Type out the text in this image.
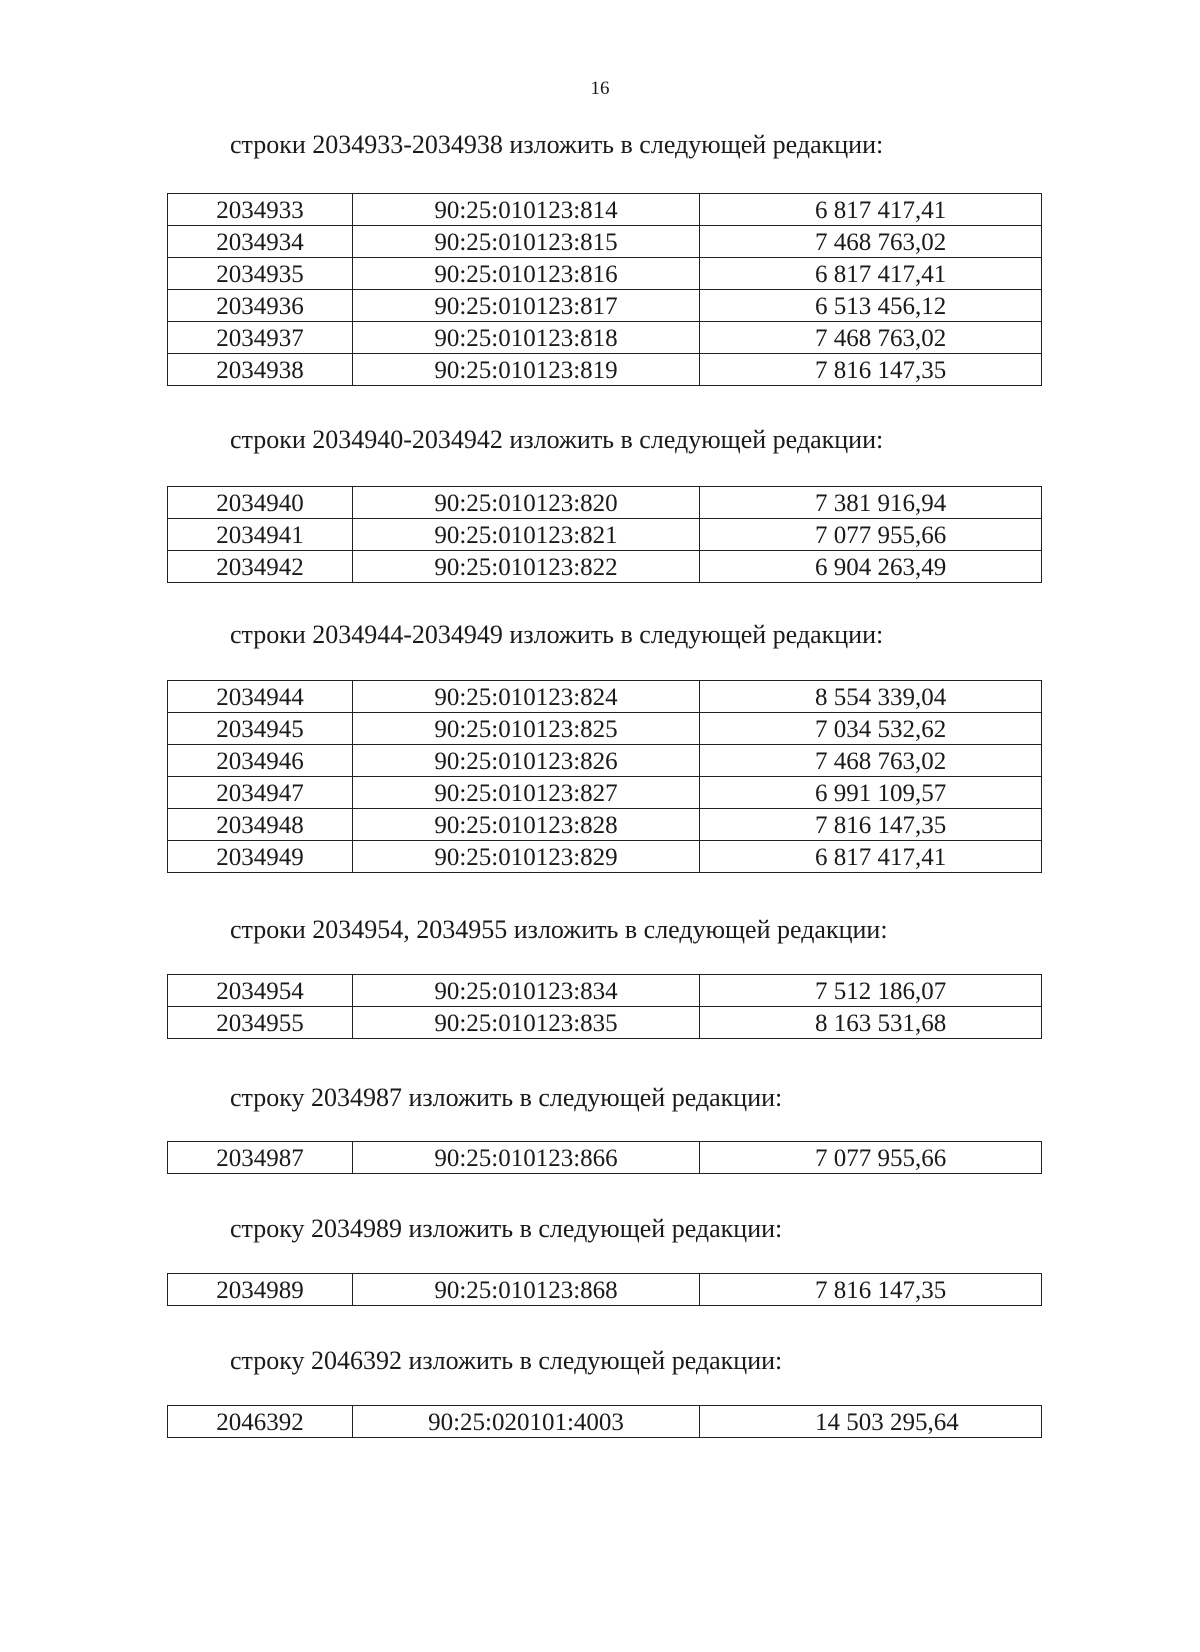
16
строки 2034933-2034938 изложить в следующей редакции:
2034933	90:25:010123:814	6 817 417,41
2034934	90:25:010123:815	7 468 763,02
2034935	90:25:010123:816	6 817 417,41
2034936	90:25:010123:817	6 513 456,12
2034937	90:25:010123:818	7 468 763,02
2034938	90:25:010123:819	7 816 147,35
строки 2034940-2034942 изложить в следующей редакции:
2034940	90:25:010123:820	7 381 916,94
2034941	90:25:010123:821	7 077 955,66
2034942	90:25:010123:822	6 904 263,49
строки 2034944-2034949 изложить в следующей редакции:
2034944	90:25:010123:824	8 554 339,04
2034945	90:25:010123:825	7 034 532,62
2034946	90:25:010123:826	7 468 763,02
2034947	90:25:010123:827	6 991 109,57
2034948	90:25:010123:828	7 816 147,35
2034949	90:25:010123:829	6 817 417,41
строки 2034954, 2034955 изложить в следующей редакции:
2034954	90:25:010123:834	7 512 186,07
2034955	90:25:010123:835	8 163 531,68
строку 2034987 изложить в следующей редакции:
2034987	90:25:010123:866	7 077 955,66
строку 2034989 изложить в следующей редакции:
2034989	90:25:010123:868	7 816 147,35
строку 2046392 изложить в следующей редакции:
2046392	90:25:020101:4003	14 503 295,64
